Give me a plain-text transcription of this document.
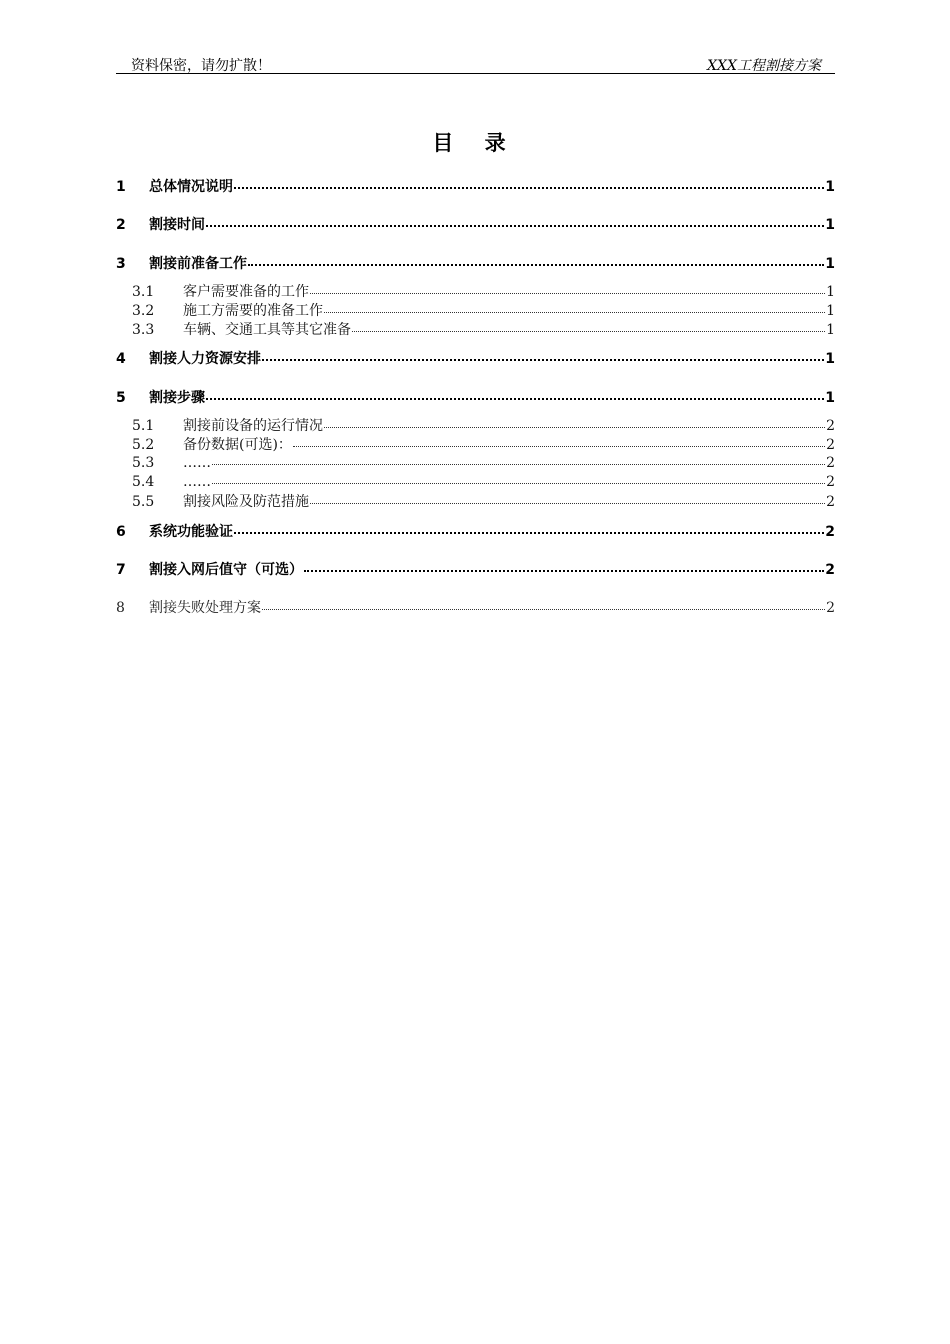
资料保密，请勿扩散！	XXX工程割接方案
目 录
1	总体情况说明	1
2	割接时间	1
3	割接前准备工作	1
3.1	客户需要准备的工作	1
3.2	施工方需要的准备工作	1
3.3	车辆、交通工具等其它准备	1
4	割接人力资源安排	1
5	割接步骤	1
5.1	割接前设备的运行情况	2
5.2	备份数据(可选)：	2
5.3	……	2
5.4	……	2
5.5	割接风险及防范措施	2
6	系统功能验证	2
7	割接入网后值守（可选）	2
8	割接失败处理方案	2
